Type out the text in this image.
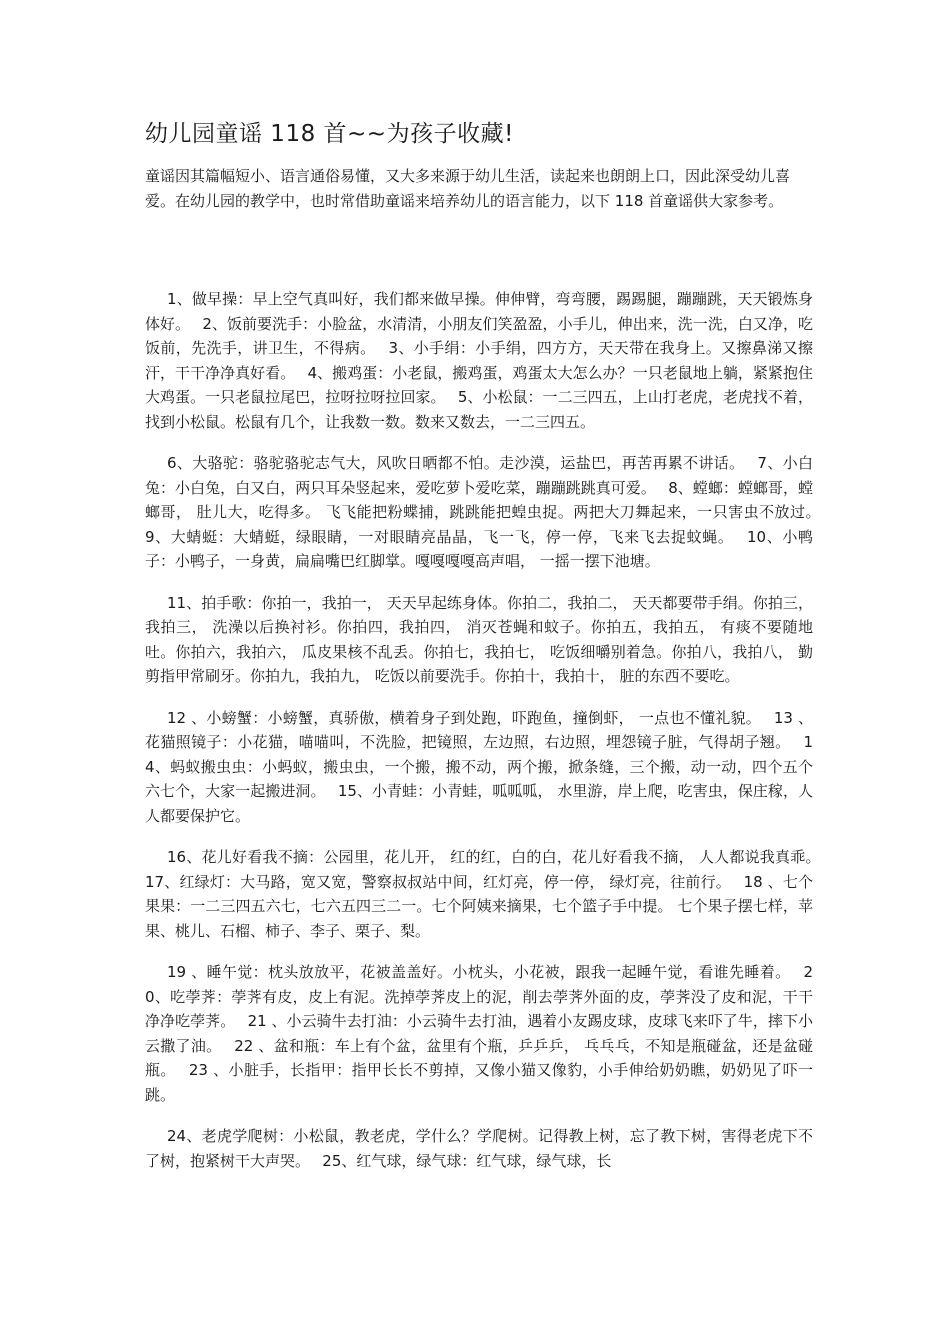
幼儿园童谣 118 首~~为孩子收藏!

童谣因其篇幅短小、语言通俗易懂，又大多来源于幼儿生活，读起来也朗朗上口，因此深受幼儿喜爱。在幼儿园的教学中，也时常借助童谣来培养幼儿的语言能力，以下 118 首童谣供大家参考。

1、做早操：早上空气真叫好，我们都来做早操。伸伸臂，弯弯腰，踢踢腿，蹦蹦跳，天天锻炼身体好。　 2、饭前要洗手：小脸盆，水清清，小朋友们笑盈盈，小手儿，伸出来，洗一洗，白又净，吃饭前，先洗手，讲卫生，不得病。　 3、小手绢：小手绢，四方方，天天带在我身上。又擦鼻涕又擦汗，干干净净真好看。　 4、搬鸡蛋：小老鼠，搬鸡蛋，鸡蛋太大怎么办？一只老鼠地上躺，紧紧抱住大鸡蛋。一只老鼠拉尾巴，拉呀拉呀拉回家。　 5、小松鼠：一二三四五，上山打老虎，老虎找不着，找到小松鼠。松鼠有几个，让我数一数。数来又数去，一二三四五。

6、大骆驼：骆驼骆驼志气大，风吹日晒都不怕。走沙漠，运盐巴，再苦再累不讲话。　 7、小白兔：小白兔，白又白，两只耳朵竖起来，爱吃萝卜爱吃菜，蹦蹦跳跳真可爱。　 8、螳螂：螳螂哥，螳螂哥， 肚儿大，吃得多。 飞飞能把粉蝶捕，跳跳能把蝗虫捉。两把大刀舞起来，一只害虫不放过。　 9、大蜻蜓：大蜻蜓，绿眼睛，一对眼睛亮晶晶，飞一飞，停一停，飞来飞去捉蚊蝇。　 10、小鸭子：小鸭子，一身黄，扁扁嘴巴红脚掌。嘎嘎嘎嘎高声唱， 一摇一摆下池塘。

11、拍手歌：你拍一，我拍一， 天天早起练身体。你拍二，我拍二， 天天都要带手绢。你拍三，我拍三， 洗澡以后换衬衫。你拍四，我拍四， 消灭苍蝇和蚊子。你拍五，我拍五， 有痰不要随地吐。你拍六，我拍六， 瓜皮果核不乱丢。你拍七，我拍七， 吃饭细嚼别着急。你拍八，我拍八， 勤剪指甲常刷牙。你拍九，我拍九， 吃饭以前要洗手。你拍十，我拍十， 脏的东西不要吃。

12 、小螃蟹：小螃蟹，真骄傲，横着身子到处跑，吓跑鱼，撞倒虾， 一点也不懂礼貌。　 13 、花猫照镜子：小花猫，喵喵叫，不洗脸，把镜照，左边照，右边照，埋怨镜子脏，气得胡子翘。　 14、蚂蚁搬虫虫：小蚂蚁，搬虫虫，一个搬，搬不动，两个搬，掀条缝，三个搬，动一动，四个五个六七个，大家一起搬进洞。　 15、小青蛙：小青蛙，呱呱呱， 水里游，岸上爬，吃害虫，保庄稼，人人都要保护它。

16、花儿好看我不摘：公园里，花儿开， 红的红，白的白，花儿好看我不摘， 人人都说我真乖。　 17、红绿灯：大马路，宽又宽，警察叔叔站中间，红灯亮，停一停， 绿灯亮，往前行。　 18 、七个果果：一二三四五六七，七六五四三二一。七个阿姨来摘果，七个篮子手中提。 七个果子摆七样，苹果、桃儿、石榴、柿子、李子、栗子、梨。

19 、睡午觉：枕头放放平，花被盖盖好。小枕头，小花被，跟我一起睡午觉，看谁先睡着。　 20、吃荸荠：荸荠有皮，皮上有泥。洗掉荸荠皮上的泥，削去荸荠外面的皮，荸荠没了皮和泥，干干净净吃荸荠。　 21 、小云骑牛去打油：小云骑牛去打油，遇着小友踢皮球，皮球飞来吓了牛，摔下小云撒了油。　 22 、盆和瓶：车上有个盆，盆里有个瓶，乒乒乒， 乓乓乓，不知是瓶碰盆，还是盆碰瓶。　 23 、小脏手，长指甲：指甲长长不剪掉，又像小猫又像豹，小手伸给奶奶瞧，奶奶见了吓一跳。

24、老虎学爬树：小松鼠，教老虎，学什么？学爬树。记得教上树，忘了教下树，害得老虎下不了树，抱紧树干大声哭。　 25、红气球，绿气球：红气球，绿气球，长
